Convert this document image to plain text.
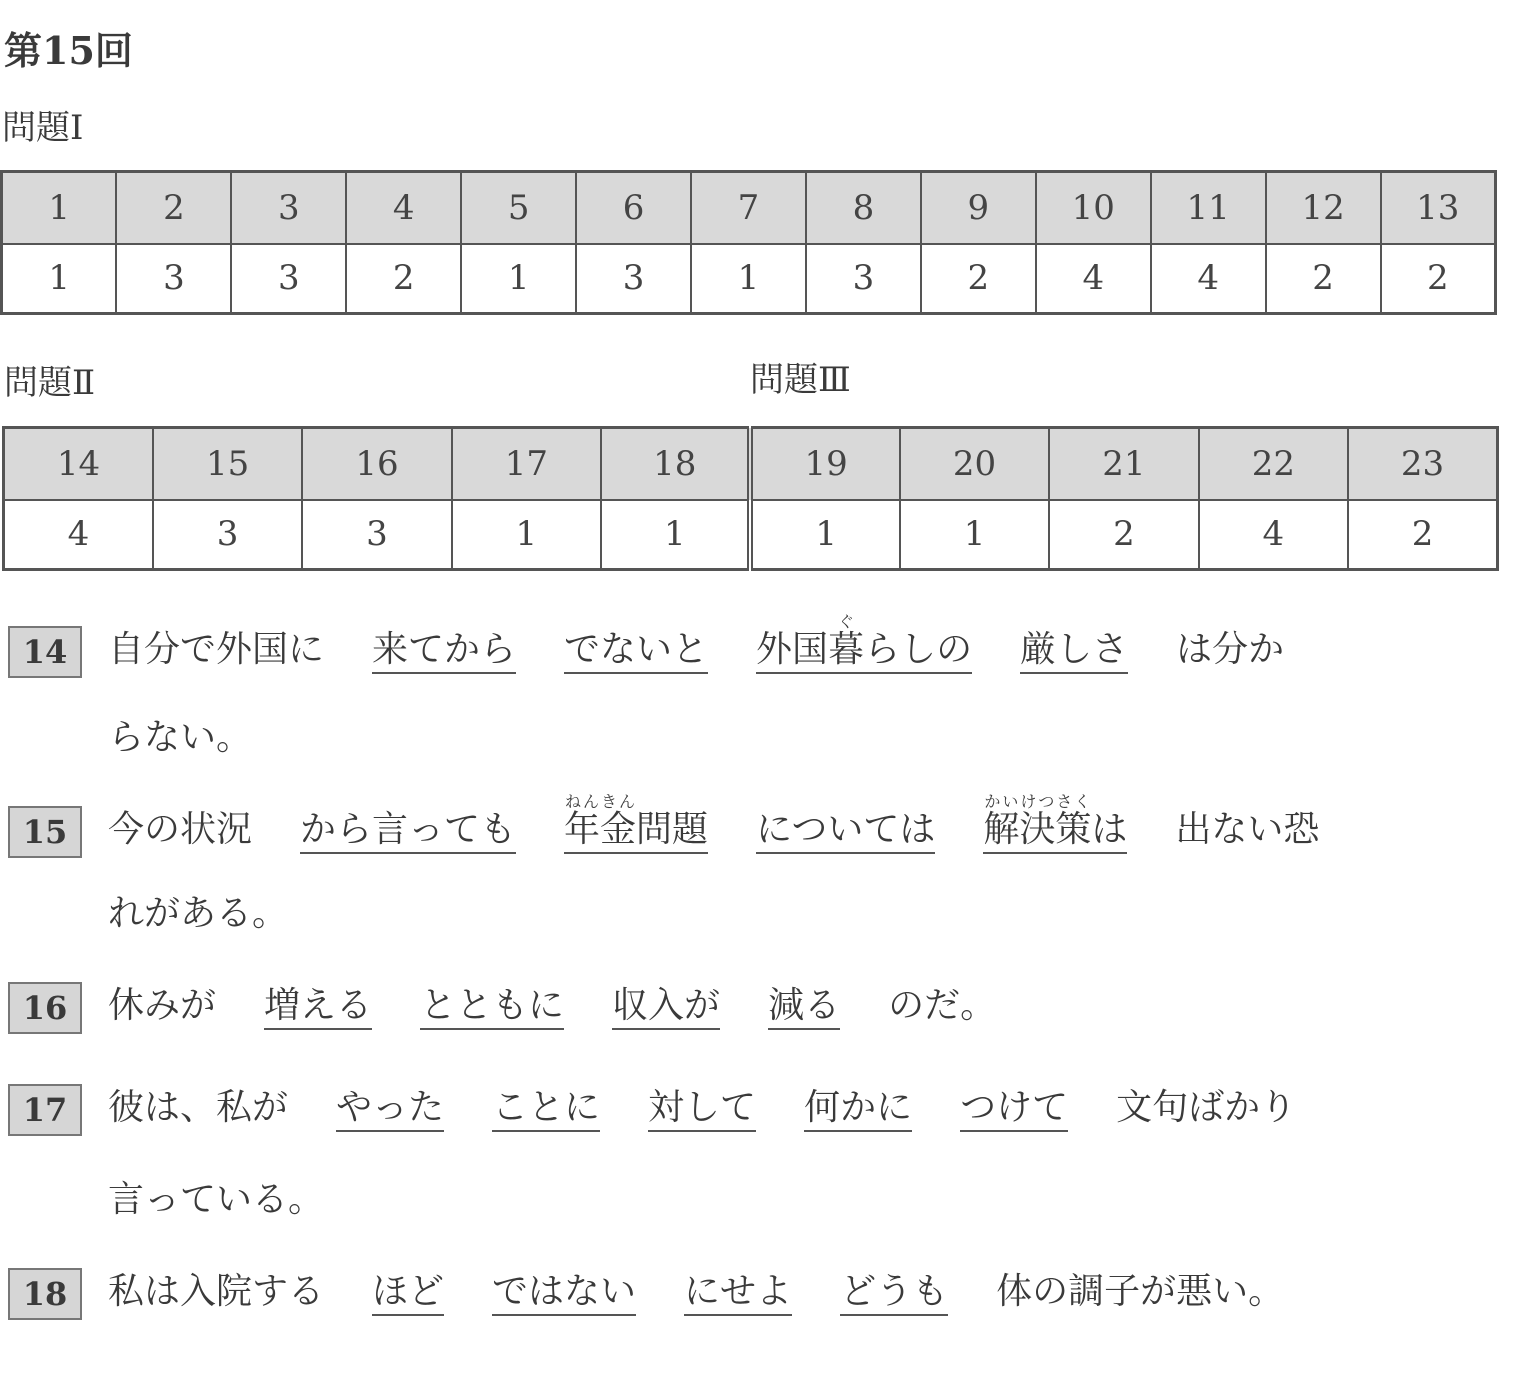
第15回
問題Ⅰ
1	2	3	4	5	6	7	8	9	10	11	12	13
1	3	3	2	1	3	1	3	2	4	4	2	2
問題Ⅱ	問題Ⅲ
14	15	16	17	18	19	20	21	22	23
4	3	3	1	1	1	1	2	4	2
14 自分で外国に 来てから でないと 外国暮ぐらしの 厳しさ は分か
らない。
15 今の状況 から言っても 年金ねんきん問題 については 解決策かいけつさくは 出ない恐
れがある。
16 休みが 増える とともに 収入が 減る のだ。
17 彼は、私が やった ことに 対して 何かに つけて 文句ばかり
言っている。
18 私は入院する ほど ではない にせよ どうも 体の調子が悪い。
